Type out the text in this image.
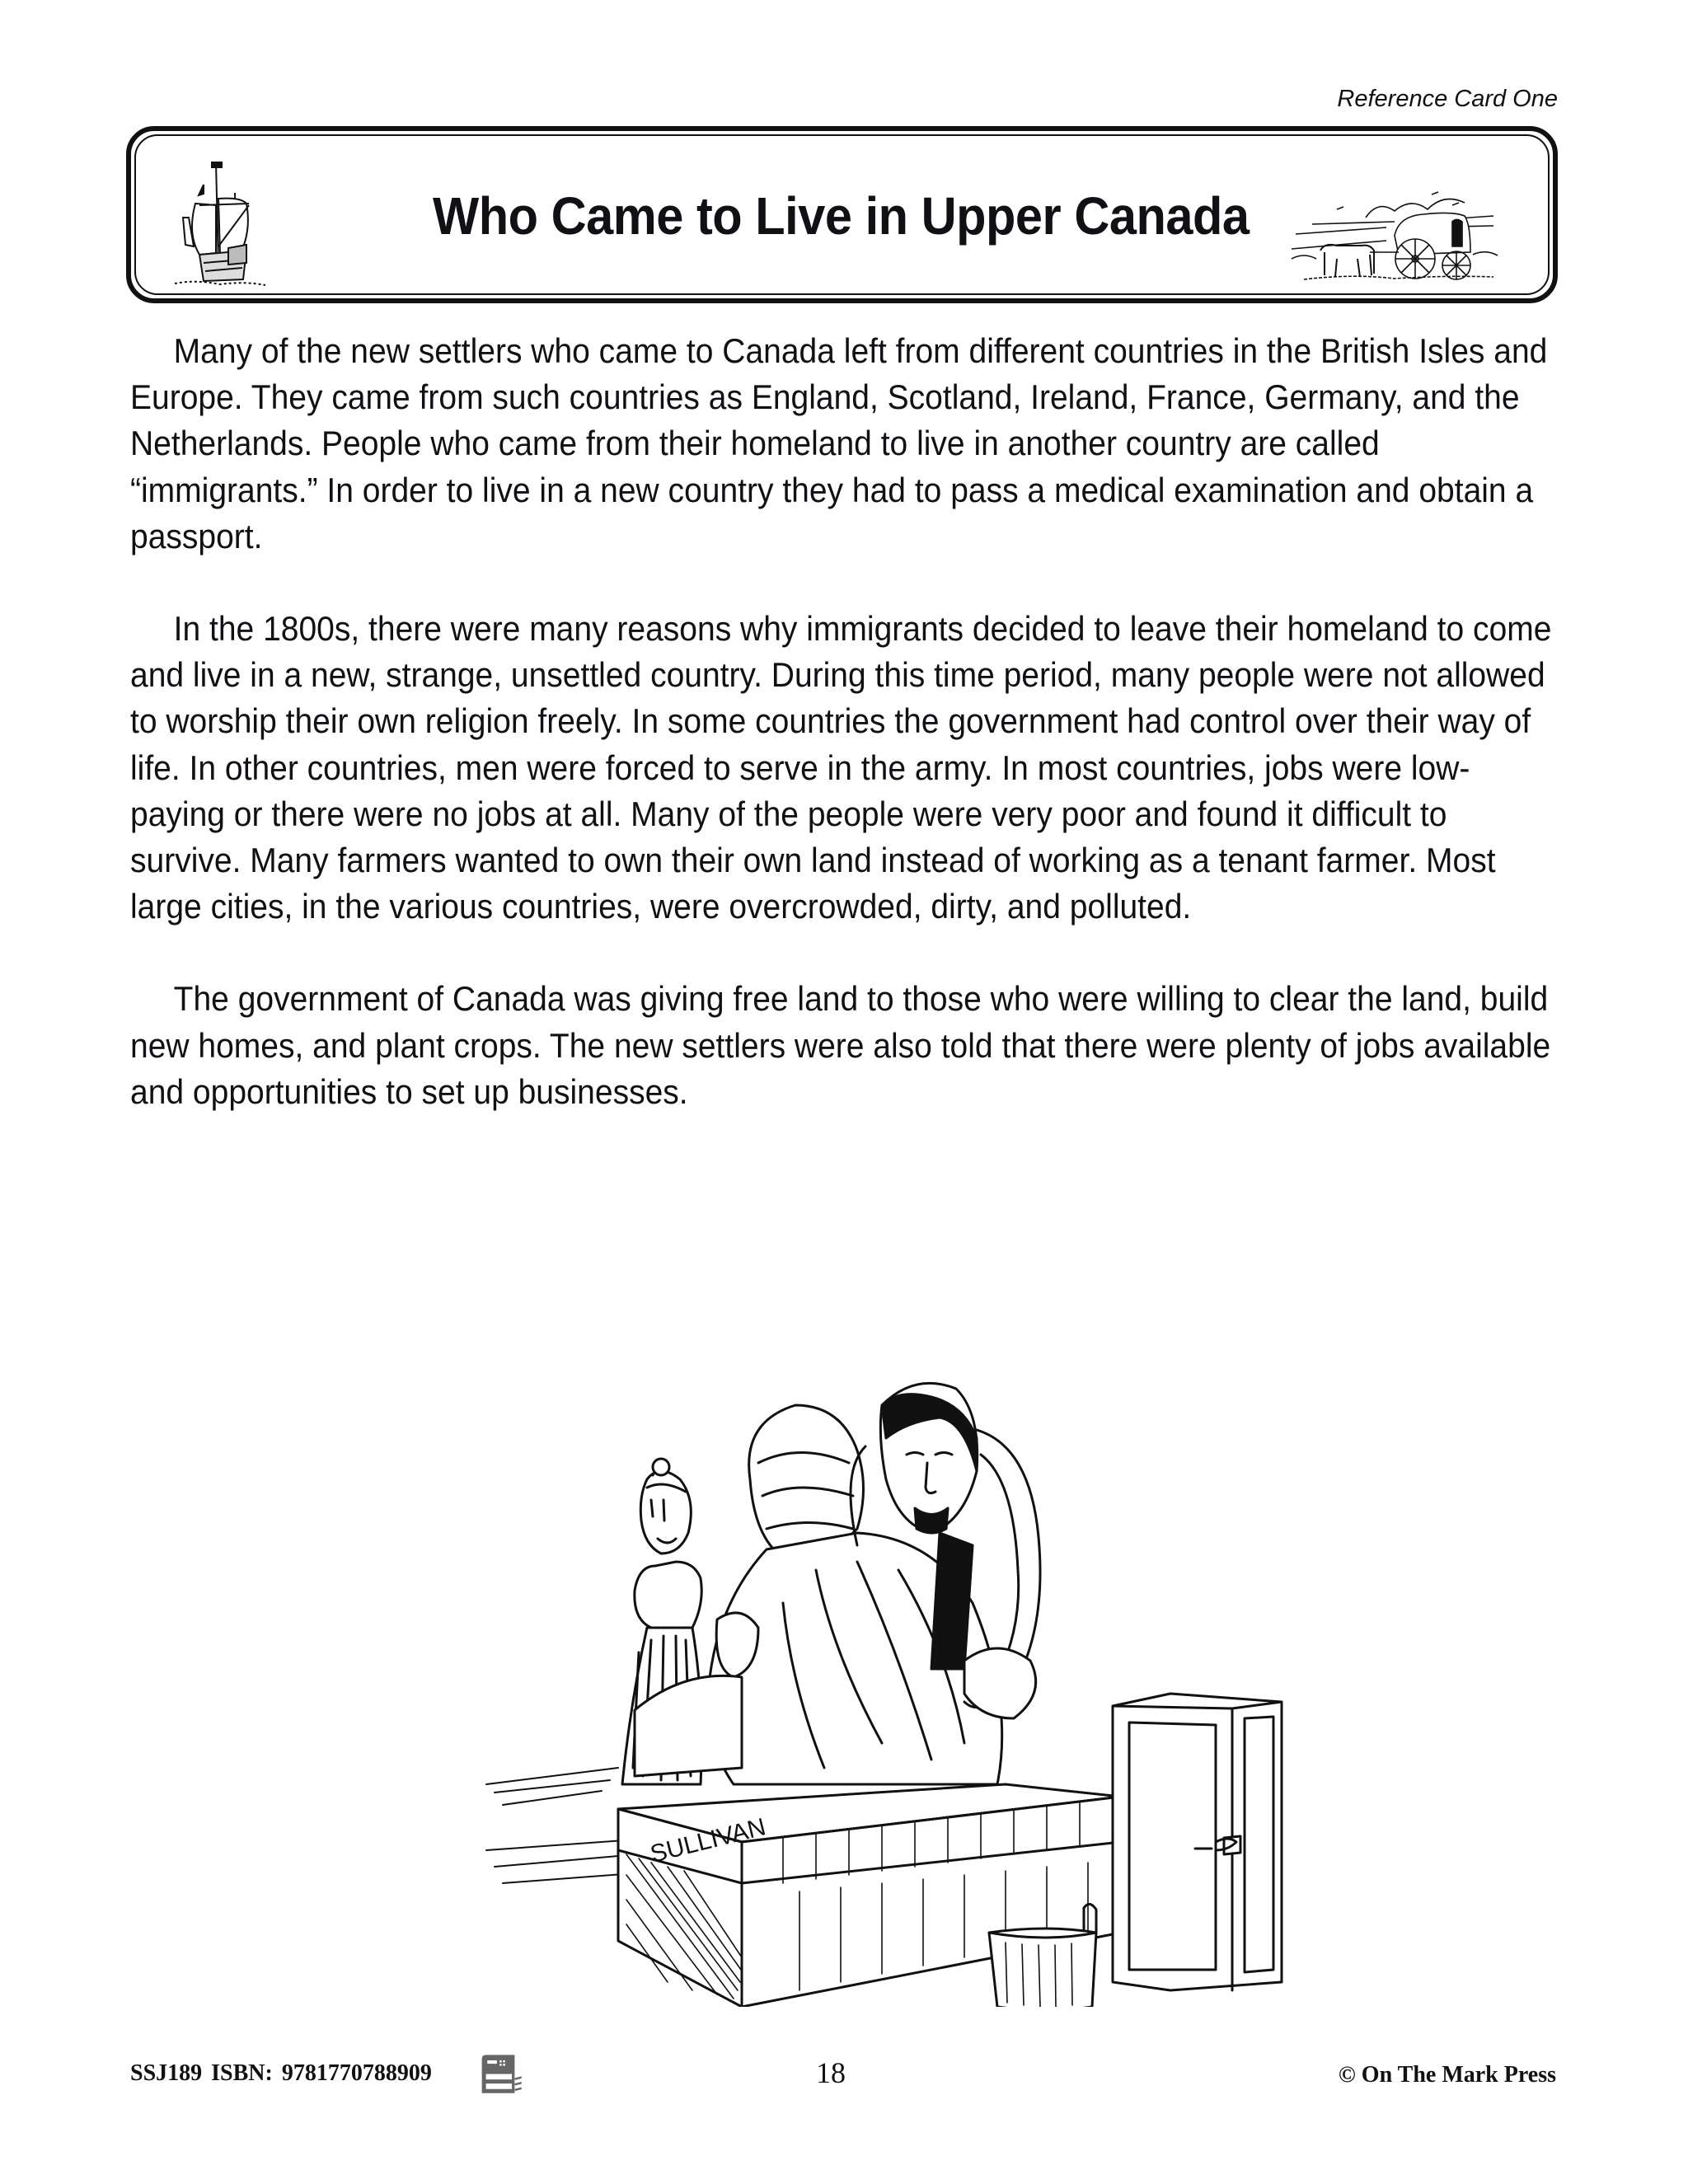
Reference Card One
Who Came to Live in Upper Canada

Many of the new settlers who came to Canada left from different countries in the British Isles and Europe. They came from such countries as England, Scotland, Ireland, France, Germany, and the Netherlands. People who came from their homeland to live in another country are called “immigrants.” In order to live in a new country they had to pass a medical examination and obtain a passport.

In the 1800s, there were many reasons why immigrants decided to leave their homeland to come and live in a new, strange, unsettled country. During this time period, many people were not allowed to worship their own religion freely. In some countries the government had control over their way of life. In other countries, men were forced to serve in the army. In most countries, jobs were low-paying or there were no jobs at all. Many of the people were very poor and found it difficult to survive. Many farmers wanted to own their own land instead of working as a tenant farmer. Most large cities, in the various countries, were overcrowded, dirty, and polluted.

The government of Canada was giving free land to those who were willing to clear the land, build new homes, and plant crops. The new settlers were also told that there were plenty of jobs available and opportunities to set up businesses.

SULLIVAN
SSJ189 ISBN: 9781770788909	18	© On The Mark Press
